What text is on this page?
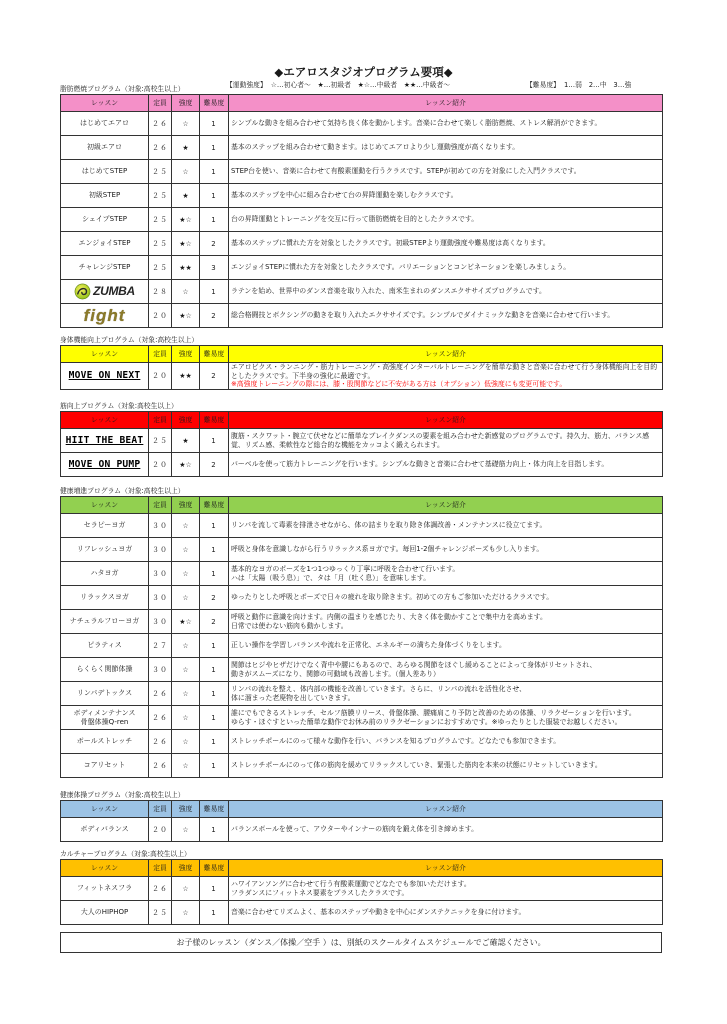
◆エアロスタジオプログラム要項◆
【運動強度】 ☆…初心者～　★…初級者　★☆…中級者　★★…中級者～	【難易度】 1…弱　2…中　3…強
脂肪燃焼プログラム（対象:高校生以上）
レッスン	定員	強度	難易度	レッスン紹介
はじめてエアロ	２６	☆	1	シンプルな動きを組み合わせて気持ち良く体を動かします。音楽に合わせて楽しく脂肪燃焼、ストレス解消ができます。

初級エアロ	２６	★	1	基本のステップを組み合わせて動きます。はじめてエアロより少し運動強度が高くなります。

はじめてSTEP	２５	☆	1	STEP台を使い、音楽に合わせて有酸素運動を行うクラスです。STEPが初めての方を対象にした入門クラスです。

初級STEP	２５	★	1	基本のステップを中心に組み合わせて台の昇降運動を楽しむクラスです。

シェイプSTEP	２５	★☆	1	台の昇降運動とトレーニングを交互に行って脂肪燃焼を目的としたクラスです。

エンジョイSTEP	２５	★☆	2	基本のステップに慣れた方を対象としたクラスです。初級STEPより運動強度や難易度は高くなります。

チャレンジSTEP	２５	★★	3	エンジョイSTEPに慣れた方を対象としたクラスです。バリエーションとコンビネーションを楽しみましょう。

ZUMBA	２８	☆	1	ラテンを始め、世界中のダンス音楽を取り入れた、南米生まれのダンスエクササイズプログラムです。

fight	２０	★☆	2	総合格闘技とボクシングの動きを取り入れたエクササイズです。シンプルでダイナミックな動きを音楽に合わせて行います。
身体機能向上プログラム（対象:高校生以上）
レッスン	定員	強度	難易度	レッスン紹介
MOVE ON NEXT	２０	★★	2	エアロビクス・ランニング・筋力トレーニング・高強度インターバルトレーニングを簡単な動きと音楽に合わせて行う身体機能向上を目的としたクラスです。下半身の強化に最適です。
※高強度トレーニングの際には、膝・股関節などに不安がある方は（オプション）低強度にも変更可能です。
筋向上プログラム（対象:高校生以上）
レッスン	定員	強度	難易度	レッスン紹介
HIIT THE BEAT	２５	★	1	腹筋・スクワット・腕立て伏せなどに簡単なブレイクダンスの要素を組み合わせた新感覚のプログラムです。持久力、筋力、バランス感覚、リズム感、柔軟性など総合的な機能をカッコよく鍛えられます。

MOVE ON PUMP	２０	★☆	2	バーベルを使って筋力トレーニングを行います。シンプルな動きと音楽に合わせて基礎筋力向上・体力向上を目指します。
健康増進プログラム（対象:高校生以上）
レッスン	定員	強度	難易度	レッスン紹介
セラピーヨガ	３０	☆	1	リンパを流して毒素を排泄させながら、体の詰まりを取り除き体調改善・メンテナンスに役立てます。

リフレッシュヨガ	３０	☆	1	呼吸と身体を意識しながら行うリラックス系ヨガです。毎回1-2個チャレンジポーズも少し入ります。

ハタヨガ	３０	☆	1	基本的なヨガのポーズを1つ1つゆっくり丁寧に呼吸を合わせて行います。
ハは「太陽（吸う息）」で、タは「月（吐く息）」を意味します。

リラックスヨガ	３０	☆	2	ゆったりとした呼吸とポーズで日々の疲れを取り除きます。初めての方もご参加いただけるクラスです。

ナチュラルフローヨガ	３０	★☆	2	呼吸と動作に意識を向けます。内側の温まりを感じたり、大きく体を動かすことで集中力を高めます。
日常では使わない筋肉も動かします。

ピラティス	２７	☆	1	正しい操作を学習しバランスや流れを正常化、エネルギーの満ちた身体づくりをします。

らくらく関節体操	３０	☆	1	関節はヒジやヒザだけでなく背中や腰にもあるので、あらゆる関節をほぐし緩めることによって身体がリセットされ、
動きがスムーズになり、関節の可動域も改善します。（個人差あり）

リンパデトックス	２６	☆	1	リンパの流れを整え、体内部の機能を改善していきます。さらに、リンパの流れを活性化させ、
体に溜まった老廃物を出していきます。

ボディメンテナンス
骨盤体操Q-ren	２６	☆	1	誰にでもできるストレッチ、セルフ筋膜リリース、骨盤体操、腰痛肩こり予防と改善のための体操、リラクゼーションを行います。
ゆらす・ほぐすといった簡単な動作でお休み前のリラクゼーションにおすすめです。※ゆったりとした服装でお越しください。

ボールストレッチ	２６	☆	1	ストレッチポールにのって様々な動作を行い、バランスを知るプログラムです。どなたでも参加できます。

コアリセット	２６	☆	1	ストレッチポールにのって体の筋肉を緩めてリラックスしていき、緊張した筋肉を本来の状態にリセットしていきます。
健康体操プログラム（対象:高校生以上）
レッスン	定員	強度	難易度	レッスン紹介
ボディバランス	２０	☆	1	バランスボールを使って、アウターやインナーの筋肉を鍛え体を引き締めます。
カルチャープログラム（対象:高校生以上）
レッスン	定員	強度	難易度	レッスン紹介
フィットネスフラ	２６	☆	1	ハワイアンソングに合わせて行う有酸素運動でどなたでも参加いただけます。
フラダンスにフィットネス要素をプラスしたクラスです。

大人のHIPHOP	２５	☆	1	音楽に合わせてリズムよく、基本のステップや動きを中心にダンステクニックを身に付けます。
お子様のレッスン（ダンス／体操／空手 ）は、別紙のスクールタイムスケジュールでご確認ください。
